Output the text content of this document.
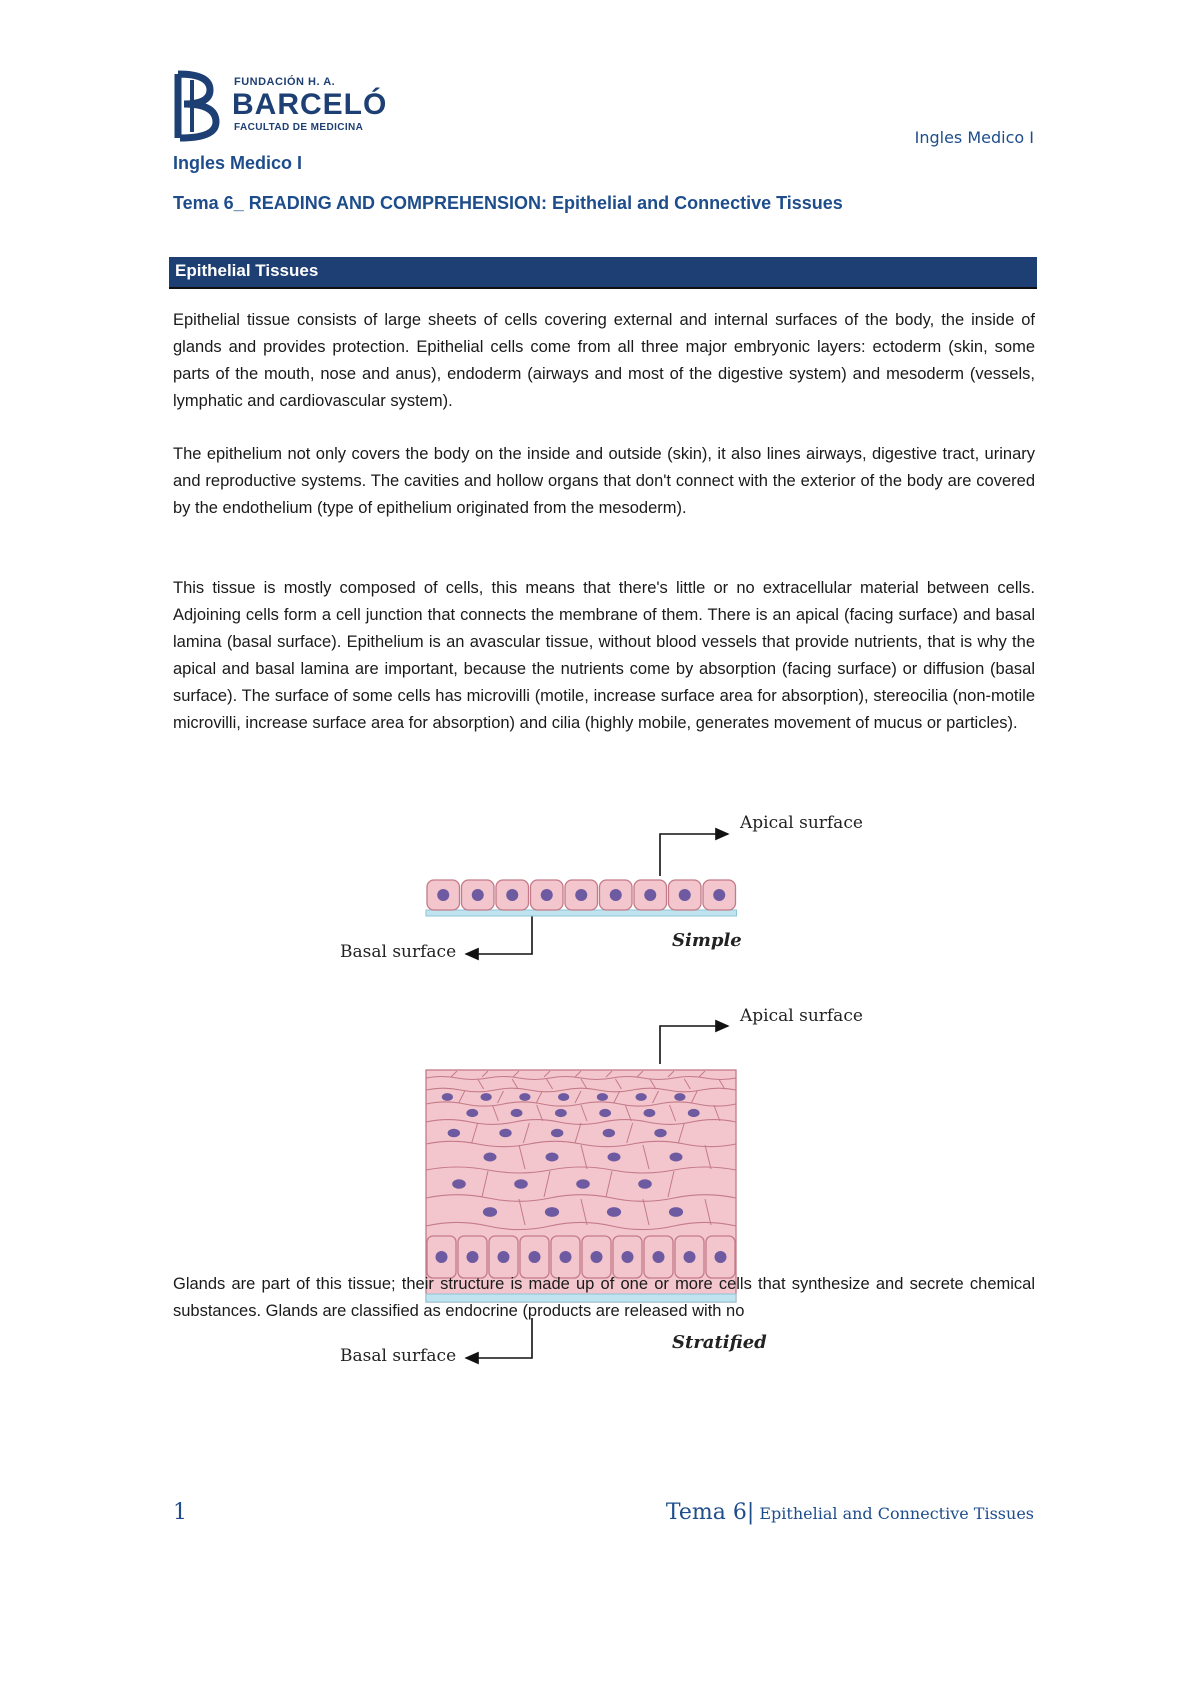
FUNDACIÓN H. A.
BARCELÓ
FACULTAD DE MEDICINA
Ingles Medico I
Ingles Medico I
Tema 6_ READING AND COMPREHENSION: Epithelial and Connective Tissues
Epithelial Tissues

Epithelial tissue consists of large sheets of cells covering external and internal surfaces of the body, the inside of glands and provides protection. Epithelial cells come from all three major embryonic layers: ectoderm (skin, some parts of the mouth, nose and anus), endoderm (airways and most of the digestive system) and mesoderm (vessels, lymphatic and cardiovascular system).

The epithelium not only covers the body on the inside and outside (skin), it also lines airways, digestive tract, urinary and reproductive systems. The cavities and hollow organs that don't connect with the exterior of the body are covered by the endothelium (type of epithelium originated from the mesoderm).

This tissue is mostly composed of cells, this means that there's little or no extracellular material between cells. Adjoining cells form a cell junction that connects the membrane of them. There is an apical (facing surface) and basal lamina (basal surface). Epithelium is an avascular tissue, without blood vessels that provide nutrients, that is why the apical and basal lamina are important, because the nutrients come by absorption (facing surface) or diffusion (basal surface). The surface of some cells has microvilli (motile, increase surface area for absorption), stereocilia (non-motile microvilli, increase surface area for absorption) and cilia (highly mobile, generates movement of mucus or particles).

Apical surface
Basal surface
Simple
Apical surface
Basal surface
Stratified

Glands are part of this tissue; their structure is made up of one or more cells that synthesize and secrete chemical substances. Glands are classified as endocrine (products are released with no

1	Tema 6| Epithelial and Connective Tissues
